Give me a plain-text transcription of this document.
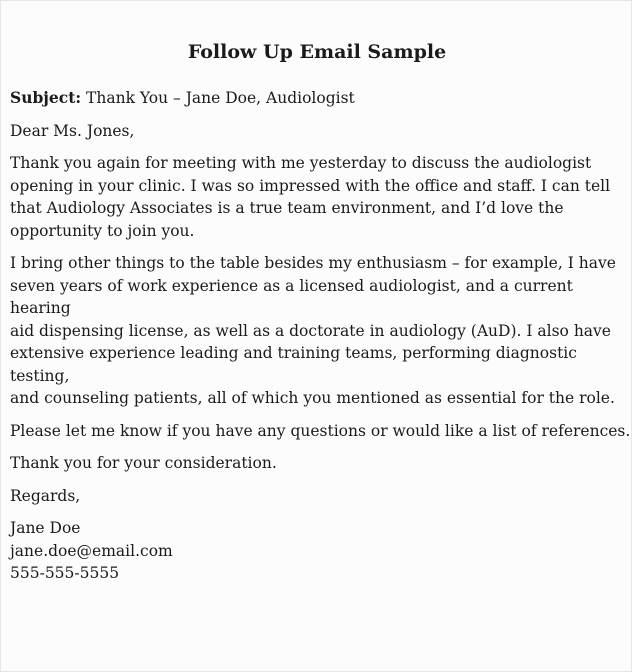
Follow Up Email Sample

Subject: Thank You – Jane Doe, Audiologist

Dear Ms. Jones,

Thank you again for meeting with me yesterday to discuss the audiologist
opening in your clinic. I was so impressed with the office and staff. I can tell
that Audiology Associates is a true team environment, and I’d love the
opportunity to join you.

I bring other things to the table besides my enthusiasm – for example, I have
seven years of work experience as a licensed audiologist, and a current hearing
aid dispensing license, as well as a doctorate in audiology (AuD). I also have
extensive experience leading and training teams, performing diagnostic testing,
and counseling patients, all of which you mentioned as essential for the role.

Please let me know if you have any questions or would like a list of references.

Thank you for your consideration.

Regards,

Jane Doe
jane.doe@email.com
555-555-5555
